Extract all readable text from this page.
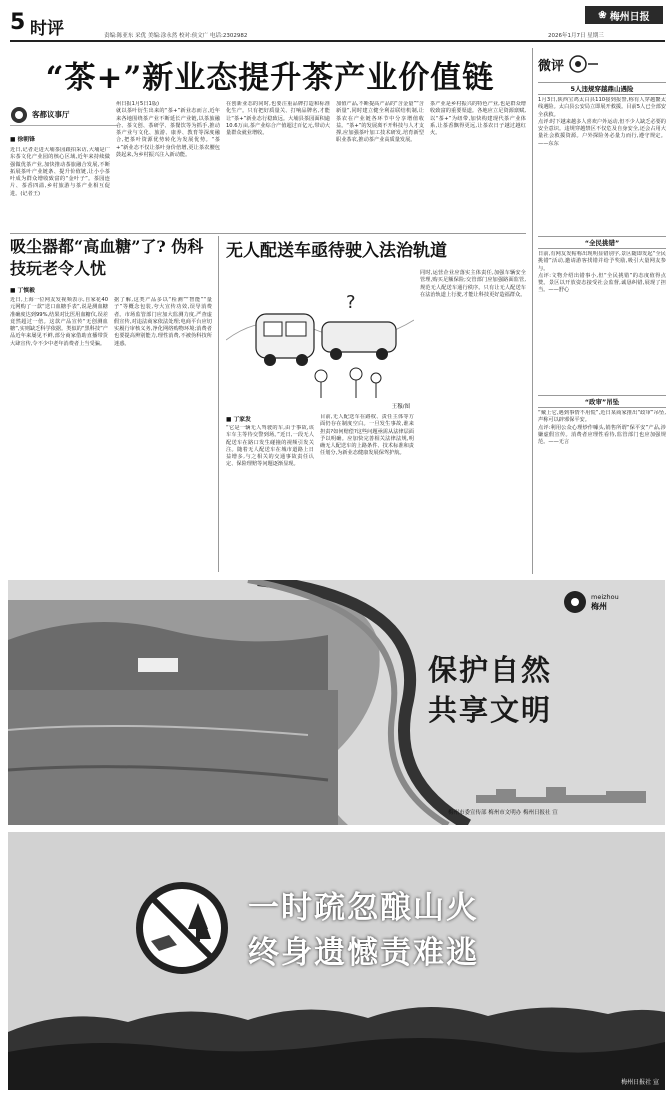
5 时评	责编:陈亚东 采优 美编:涂永然 校对:侯文广 电话:2302982
❀ 梅州日报
2026年1月7日 星期三
“茶+”新业态提升茶产业价值链
客都议事厅
■ 徐朝锋
近日,记者走进大埔茶园跟拍采访,大埔是广东茶文化产业园的核心区域,近年来持续做强做优茶产业,加快推动茶旅融合发展,不断拓展茶叶产业链条、提升价值链,让小小茶叶成为群众增收致富的“金叶子”。茶园连片、茶香四溢,乡村旅游与茶产业相互促进。(记者王)
州日报1月5日1版)
就以茶叶衍生出来的“茶+”新业态而言,近年来各地围绕茶产业不断延长产业链,以茶旅融合、茶文创、茶研学、茶餐饮等为抓手,推动茶产业与文化、旅游、康养、教育等深度融合,把茶叶资源优势转化为发展优势。“茶+”新业态不仅让茶叶身价倍增,更让茶农腰包鼓起来,为乡村振兴注入新动能。
在创新业态的同时,也要注重品牌打造和标准化生产。只有把好质量关、打响品牌名,才能让“茶+”新业态行稳致远。大埔县茶园面积逾10.6万亩,茶产业综合产值超过百亿元,带动大量群众就业增收。
加值产品,不断提高产品的“含金量”“含新量”,同时建立健全利益联结机制,让茶农在产业链各环节中分享增值收益。“茶+”的发展离不开科技与人才支撑,应加强茶叶加工技术研发,培育新型职业茶农,推动茶产业高质量发展。
茶产业是乡村振兴的特色产业,也是群众增收致富的重要渠道。各地应立足资源禀赋,以“茶+”为纽带,加快构建现代茶产业体系,让茶香飘得更远,让茶农日子越过越红火。
吸尘器都“高血糖”了? 伪科技玩老令人忧
■ 丁慎毅
近日,上海一位网友发视频表示,自家花40元网购了一款“送口血糖手表”,说是测血糖准确度达到99%,结果对比医用血糖仪,误差竟然超过一倍。这款产品宣传“无创测血糖”,实则缺乏科学依据。类似的“黑科技”产品近年来屡见不鲜,部分商家借助直播带货大肆宣传,令不少中老年消费者上当受骗。
据了解,这类产品多以“检测”“智能”“量子”等概念包装,夸大宣传功效,误导消费者。市场监管部门应加大监测力度,严查虚假宣传,对违法商家依法处理;电商平台应切实履行审核义务,净化网络购物环境;消费者也要提高辨别能力,理性消费,不被伪科技所迷惑。
无人配送车亟待驶入法治轨道
?
王穆/图
■ 丁家发
“它是一辆无人驾驶的车,由于事故,该车车主等待交警到场。”近日,一段无人配送车在路口发生碰撞的视频引发关注。随着无人配送车在城市道路上日益增多,与之相关的交通事故责任认定、保险理赔等问题逐渐显现。
目前,无人配送车在路权、责任主体等方面仍存在制度空白。一旦发生事故,谁来担责?如何赔偿?这些问题亟需从法律层面予以明确。应加快完善相关法律法规,明确无人配送车的上路条件、技术标准和责任划分,为新业态健康发展保驾护航。
同时,运营企业应落实主体责任,加强车辆安全管理,购买足额保险;交管部门应加强路面监管,规范无人配送车通行秩序。只有让无人配送车在法治轨道上行驶,才能让科技更好造福群众。
微评
5人违规穿越鼎山遇险
1月3日,陕西宝鸡太白县110接到报警,称有人穿越鳌太线遇险。太白县公安局立即展开救援。目前5人已全部安全获救。
点评:时下越来越多人喜欢户外运动,但不少人缺乏必要的安全意识。违规穿越禁区不仅危及自身安全,还会占用大量社会救援资源。户外探险务必量力而行,遵守规定。——东东
“全民挑错”
日前,有网友发帖称出现明显错别字,景区随即发起“全民挑错”活动,邀请游客找错并给予奖励,吸引大量网友参与。
点评:文物介绍出错事小,但“全民挑错”的态度值得点赞。景区以开放姿态接受社会监督,诚恳纠错,展现了担当。——舒心
“政审”吊坠
“戴上它,遇到事情不用慌”,近日某商家推出“政审”吊坠,声称可以辟邪保平安。
点评:利用公众心理炒作噱头,销售所谓“保平安”产品,涉嫌虚假宣传。消费者应理性看待,监管部门也应加强规范。——无言
meizhou
梅州
保护自然
共享文明
梅州市委宣传部 梅州市文明办 梅州日报社 宣
一时疏忽酿山火
终身遗憾责难逃
梅州日报社 宣
